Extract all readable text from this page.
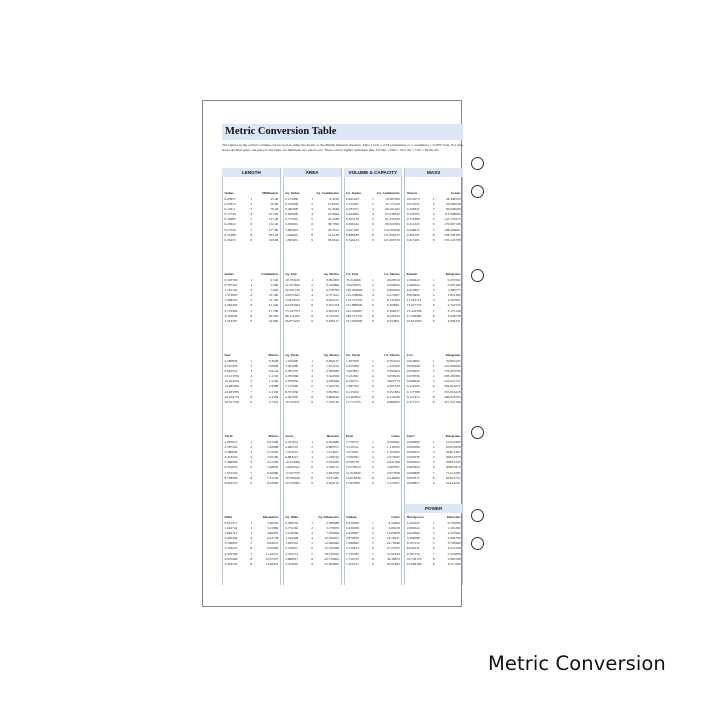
Metric Conversion Table
The figures in the central columns can be read as either the metric or the British Imperial measure. Thus 1 inch = 2.54 centimetres or 1 centimetre = 0.3937 inch. For tens, move decimal point one place to the right, for hundreds two places, etc. Then convert higher quantities thus 3 ft.9in = 33in = 76.2 cm + 7.62 = 83.82 cm.
LENGTH
Inches	Millimetres
0.03937	1	25.40
0.07874	2	50.80
0.11811	3	76.20
0.15748	4	101.60
0.19685	5	127.00
0.23622	6	152.40
0.27559	7	177.80
0.31496	8	203.20
0.35433	9	228.60
Inches	Centimetres
0.393700	1	2.540
0.787401	2	5.080
1.181102	3	7.620
1.574803	4	10.160
1.968503	5	12.700
2.362204	6	15.240
2.755906	7	17.780
3.149606	8	20.320
3.543307	9	22.860
Feet	Metres
3.280839	1	0.3048
6.561679	2	0.6096
9.842519	3	0.9144
13.123359	4	1.2192
16.404199	5	1.5240
19.685039	6	1.8288
22.965879	7	2.1336
26.246719	8	2.4384
29.527559	9	2.7432
Yards	Metres
1.093613	1	0.91440
2.187226	2	1.82880
3.280839	3	2.74320
4.374453	4	3.65760
5.468066	5	4.57200
6.561679	6	5.48640
7.655293	7	6.40080
8.748906	8	7.31520
9.842519	9	8.22960
Miles	Kilometres
0.621371	1	1.60934
1.242742	2	3.21869
1.864113	3	4.82803
2.485484	4	6.43738
3.106855	5	8.04672
3.728227	6	9.65606
4.349598	7	11.26541
4.970969	8	12.87475
5.592340	9	14.48410
AREA
Sq. Inches	Sq. Centimetres
0.155000	1	6.4516
0.310000	2	12.9032
0.465000	3	19.3548
0.620000	4	25.8064
0.775001	5	32.2580
0.930001	6	38.7096
1.085001	7	45.1612
1.240001	8	51.6128
1.395001	9	58.0644
Sq. Feet	Sq. Metres
10.763910	1	0.092903
21.527820	2	0.185806
32.291730	3	0.278709
43.055641	4	0.371612
53.819552	5	0.464515
64.583462	6	0.557418
75.347373	7	0.650321
86.111283	8	0.743224
96.875193	9	0.836127
Sq. Yards	Sq. Metres
1.195990	1	0.836127
2.391980	2	1.672254
3.587970	3	2.508382
4.783960	4	3.344509
5.979950	5	4.180636
7.175940	6	5.016764
8.371930	7	5.852891
9.567920	8	6.689018
10.763911	9	7.525146
Acres	Hectares
2.471053	1	0.404686
4.942107	2	0.809371
7.413161	3	1.214057
9.884215	4	1.618742
12.355269	5	2.023428
14.826322	6	2.428113
17.297376	7	2.832799
19.768430	8	3.237485
22.239484	9	3.642170
Sq. Miles	Sq. Kilometres
0.386102	1	2.589988
0.772204	2	5.179976
1.158306	3	7.769964
1.544408	4	10.359952
1.930510	5	12.949940
2.316612	6	15.539928
2.702715	7	18.129916
3.088817	8	20.719904
3.474919	9	23.309892
VOLUME & CAPACITY
Cu. Inches	Cu. Centimetres
0.061023	1	16.387064
0.122047	2	32.774128
0.183071	3	49.161192
0.244094	4	65.548256
0.305118	5	81.935320
0.366142	6	98.322384
0.427166	7	114.709448
0.488189	8	131.096512
0.549213	9	147.483576
Cu. Feet	Cu. Metres
35.314666	1	0.028316
70.629333	2	0.056633
105.944000	3	0.084950
141.258666	4	0.113267
176.573333	5	0.141584
211.888000	6	0.169901
247.202667	7	0.198217
282.517333	8	0.226534
317.832000	9	0.254851
Cu. Yards	Cu. Metres
1.307950	1	0.764554
2.615900	2	1.529109
3.923851	3	2.293664
5.231801	4	3.058219
6.539751	5	3.822774
7.847702	6	4.587329
9.155652	7	5.351884
10.463602	8	6.116438
11.771553	9	6.880993
Pints	Litres
1.759755	1	0.568261
3.519511	2	1.136522
5.279267	3	1.704783
7.039023	4	2.273045
8.798778	5	2.841306
10.558534	6	3.409567
12.318290	7	3.977828
14.078046	8	4.546090
15.837801	9	5.114351
Gallons	Litres
0.219969	1	4.54609
0.439938	2	9.09218
0.659907	3	13.63828
0.879876	4	18.18437
1.099845	5	22.73046
1.319814	6	27.27655
1.539783	7	31.82264
1.759752	8	36.36874
1.979721	9	40.91483
MASS
Ounces	Grams
0.035273	1	28.349523
0.070547	2	56.699046
0.105821	3	85.048569
0.141095	4	113.398092
0.176369	5	141.747615
0.211643	6	170.097138
0.246917	7	198.446661
0.282191	8	226.796185
0.317465	9	255.145708
Pounds	Kilograms
2.204622	1	0.453592
4.409245	2	0.907184
6.613867	3	1.360777
8.818490	4	1.814369
11.023113	5	2.267961
13.227735	6	2.721554
15.432358	7	3.175146
17.636980	8	3.628738
19.841603	9	4.082331
Cwt.	Kilograms
0.019684	1	50.802345
0.039368	2	101.604690
0.059052	3	152.407036
0.078736	4	203.209381
0.098420	5	254.011727
0.118104	6	304.814072
0.137788	7	355.616418
0.157473	8	406.418763
0.177157	9	457.221108
Tons*	Kilograms
0.000984	1	1016.0469
0.001968	2	2032.0938
0.002952	3	3048.1407
0.003936	4	4064.1876
0.004920	5	5080.2345
0.005904	6	6096.2814
0.006889	7	7112.3283
0.007873	8	8128.3752
0.008857	9	9144.4221
POWER
Horsepower	Kilowatts
1.341022	1	0.745699
2.682044	2	1.491399
4.023066	3	2.237099
5.364088	4	2.982799
6.705110	5	3.728499
8.046132	6	4.474198
9.387154	7	5.219898
10.728176	8	5.965598
12.069198	9	6.711298
Metric Conversion
